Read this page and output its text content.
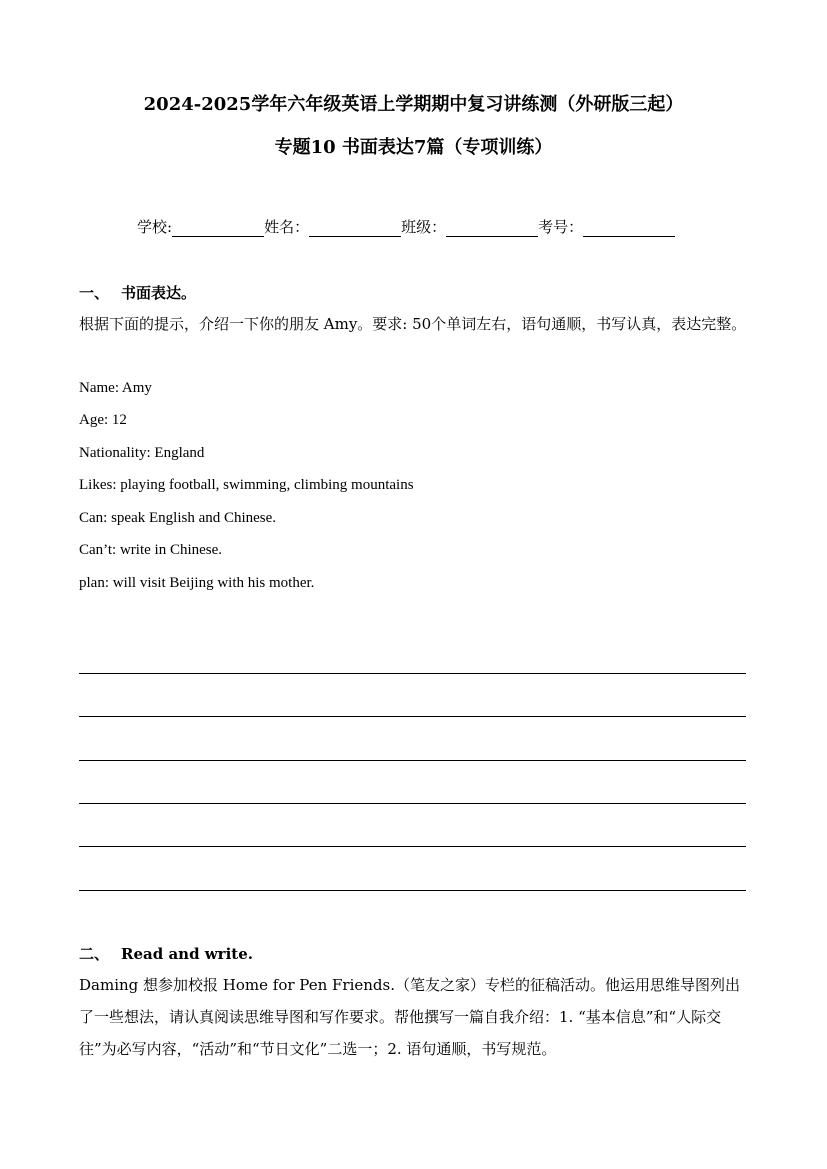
2024-2025学年六年级英语上学期期中复习讲练测（外研版三起）
专题10 书面表达7篇（专项训练）
学校:	姓名：	班级：	考号：
一、 书面表达。
根据下面的提示，介绍一下你的朋友 Amy。要求: 50个单词左右，语句通顺，书写认真，表达完整。
Name: Amy
Age: 12
Nationality: England
Likes: playing football, swimming, climbing mountains
Can: speak English and Chinese.
Can’t: write in Chinese.
plan: will visit Beijing with his mother.
二、 Read and write.
Daming 想参加校报 Home for Pen Friends.（笔友之家）专栏的征稿活动。他运用思维导图列出了一些想法，请认真阅读思维导图和写作要求。帮他撰写一篇自我介绍：1. “基本信息”和“人际交往”为必写内容，“活动”和“节日文化”二选一；2. 语句通顺，书写规范。
